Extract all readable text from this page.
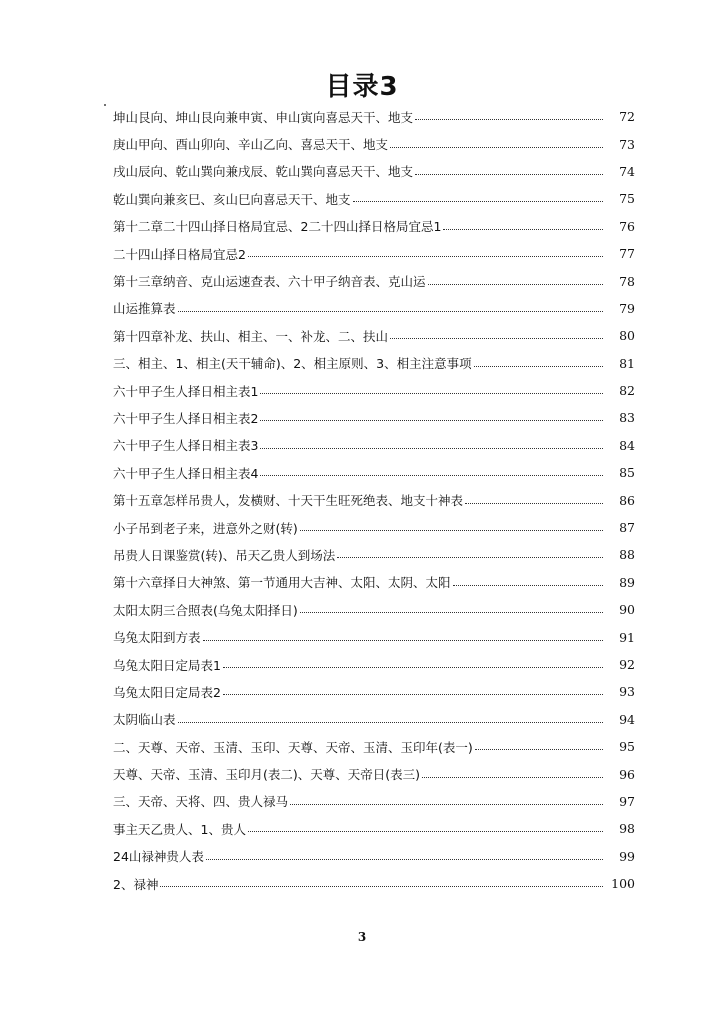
目录3
坤山艮向、坤山艮向兼申寅、申山寅向喜忌天干、地支	72
庚山甲向、酉山卯向、辛山乙向、喜忌天干、地支	73
戌山辰向、乾山巽向兼戌辰、乾山巽向喜忌天干、地支	74
乾山巽向兼亥巳、亥山巳向喜忌天干、地支	75
第十二章二十四山择日格局宜忌、2二十四山择日格局宜忌1	76
二十四山择日格局宜忌2	77
第十三章纳音、克山运速查表、六十甲子纳音表、克山运	78
山运推算表	79
第十四章补龙、扶山、相主、一、补龙、二、扶山	80
三、相主、1、相主(天干辅命)、2、相主原则、3、相主注意事项	81
六十甲子生人择日相主表1	82
六十甲子生人择日相主表2	83
六十甲子生人择日相主表3	84
六十甲子生人择日相主表4	85
第十五章怎样吊贵人，发横财、十天干生旺死绝表、地支十神表	86
小子吊到老子来，进意外之财(转)	87
吊贵人日课鉴赏(转)、吊天乙贵人到场法	88
第十六章择日大神煞、第一节通用大吉神、太阳、太阴、太阳	89
太阳太阴三合照表(乌兔太阳择日)	90
乌兔太阳到方表	91
乌兔太阳日定局表1	92
乌兔太阳日定局表2	93
太阴临山表	94
二、天尊、天帝、玉清、玉印、天尊、天帝、玉清、玉印年(表一)	95
天尊、天帝、玉清、玉印月(表二)、天尊、天帝日(表三)	96
三、天帝、天将、四、贵人禄马	97
事主天乙贵人、1、贵人	98
24山禄神贵人表	99
2、禄神	100
3
